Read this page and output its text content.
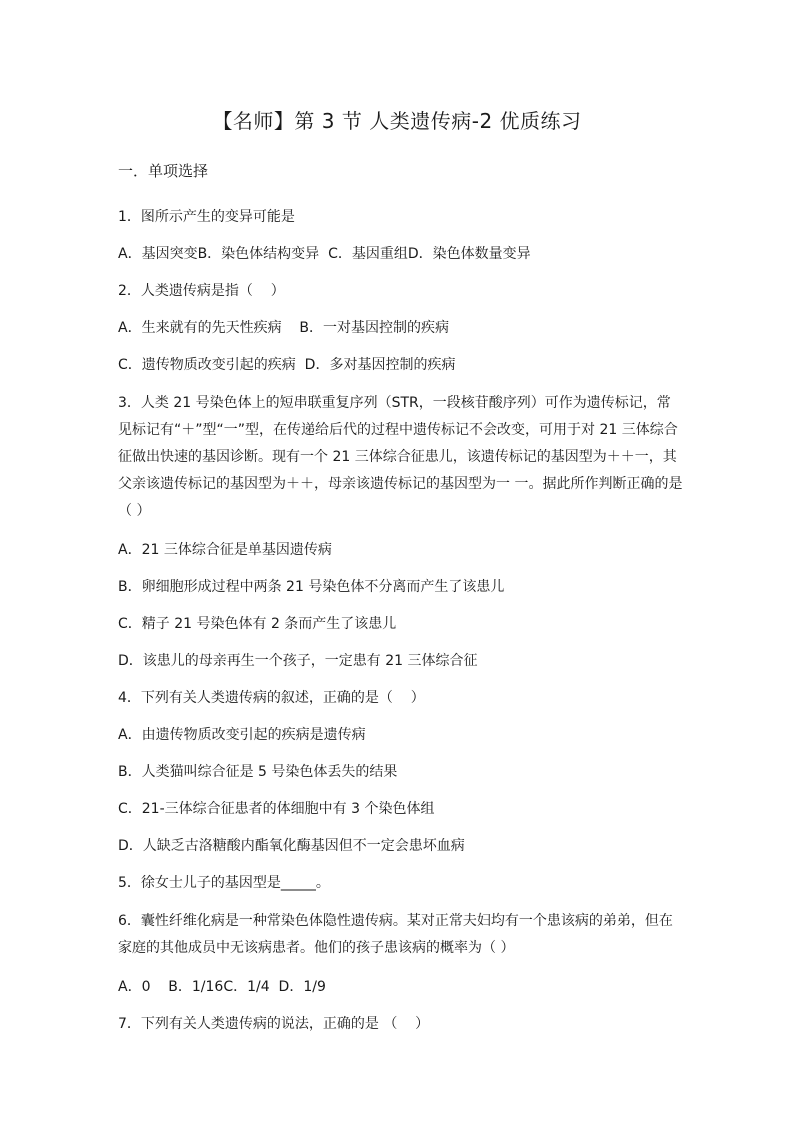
【名师】第 3 节 人类遗传病-2 优质练习
一．单项选择
1．图所示产生的变异可能是
A．基因突变B．染色体结构变异  C．基因重组D．染色体数量变异
2．人类遗传病是指（    ）
A．生来就有的先天性疾病    B．一对基因控制的疾病
C．遗传物质改变引起的疾病  D．多对基因控制的疾病
3．人类 21 号染色体上的短串联重复序列（STR，一段核苷酸序列）可作为遗传标记，常见标记有“＋”型“一”型，在传递给后代的过程中遗传标记不会改变，可用于对 21 三体综合征做出快速的基因诊断。现有一个 21 三体综合征患儿，该遗传标记的基因型为＋＋一，其父亲该遗传标记的基因型为＋＋，母亲该遗传标记的基因型为一 一。据此所作判断正确的是（ ）
A．21 三体综合征是单基因遗传病
B．卵细胞形成过程中两条 21 号染色体不分离而产生了该患儿
C．精子 21 号染色体有 2 条而产生了该患儿
D．该患儿的母亲再生一个孩子，一定患有 21 三体综合征
4．下列有关人类遗传病的叙述，正确的是（    ）
A．由遗传物质改变引起的疾病是遗传病
B．人类猫叫综合征是 5 号染色体丢失的结果
C．21-三体综合征患者的体细胞中有 3 个染色体组
D．人缺乏古洛糖酸内酯氧化酶基因但不一定会患坏血病
5．徐女士儿子的基因型是_____。
6．囊性纤维化病是一种常染色体隐性遗传病。某对正常夫妇均有一个患该病的弟弟，但在家庭的其他成员中无该病患者。他们的孩子患该病的概率为（ ）
A．0    B．1/16C．1/4  D．1/9
7．下列有关人类遗传病的说法，正确的是 （    ）
